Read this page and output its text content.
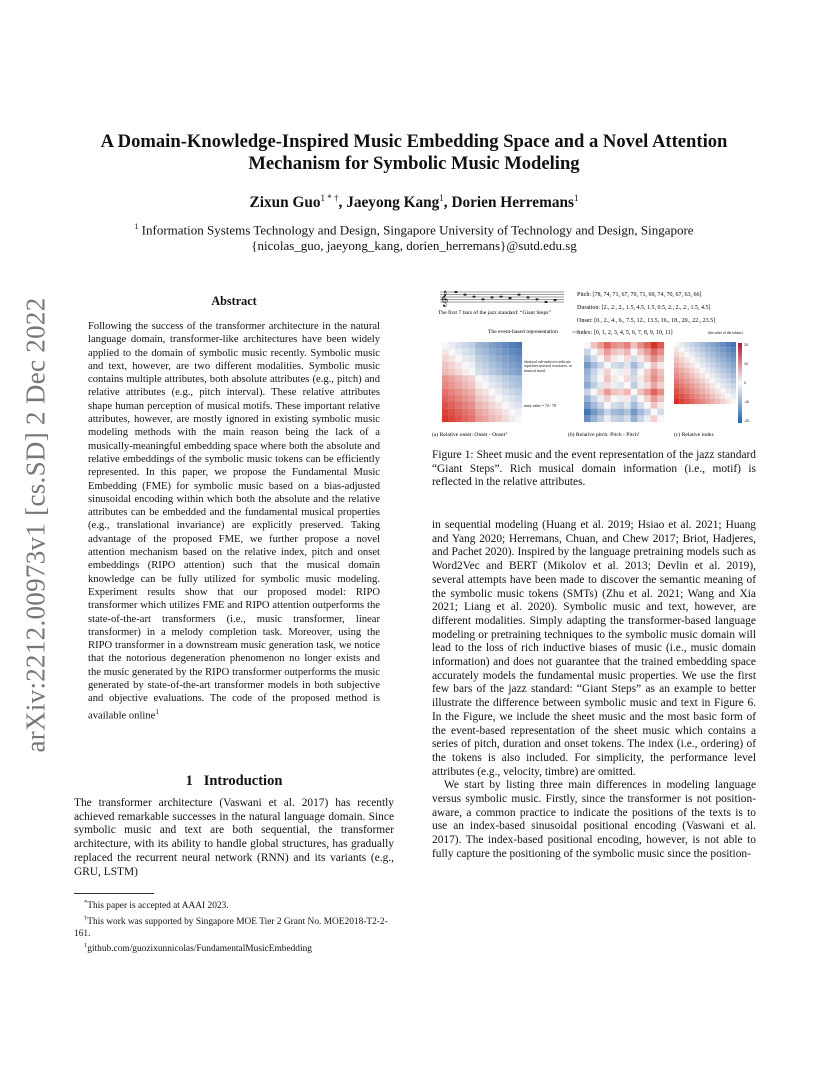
arXiv:2212.00973v1 [cs.SD] 2 Dec 2022
A Domain-Knowledge-Inspired Music Embedding Space and a Novel Attention Mechanism for Symbolic Music Modeling
Zixun Guo$^{1 * \dagger}$, Jaeyong Kang$^1$, Dorien Herremans$^1$
$^1$ Information Systems Technology and Design, Singapore University of Technology and Design, Singapore
{nicolas_guo, jaeyong_kang, dorien_herremans}@sutd.edu.sg
Abstract

Following the success of the transformer architecture in the natural language domain, transformer-like architectures have been widely applied to the domain of symbolic music recently. Symbolic music and text, however, are two different modalities. Symbolic music contains multiple attributes, both absolute attributes (e.g., pitch) and relative attributes (e.g., pitch interval). These relative attributes shape human perception of musical motifs. These important relative attributes, however, are mostly ignored in existing symbolic music modeling methods with the main reason being the lack of a musically-meaningful embedding space where both the absolute and relative embeddings of the symbolic music tokens can be efficiently represented. In this paper, we propose the Fundamental Music Embedding (FME) for symbolic music based on a bias-adjusted sinusoidal encoding within which both the absolute and the relative attributes can be embedded and the fundamental musical properties (e.g., translational invariance) are explicitly preserved. Taking advantage of the proposed FME, we further propose a novel attention mechanism based on the relative index, pitch and onset embeddings (RIPO attention) such that the musical domain knowledge can be fully utilized for symbolic music modeling. Experiment results show that our proposed model: RIPO transformer which utilizes FME and RIPO attention outperforms the state-of-the-art transformers (i.e., music transformer, linear transformer) in a melody completion task. Moreover, using the RIPO transformer in a downstream music generation task, we notice that the notorious degeneration phenomenon no longer exists and the music generated by the RIPO transformer outperforms the music generated by state-of-the-art transformer models in both subjective and objective evaluations. The code of the proposed method is available online$^1$

1 Introduction

The transformer architecture (Vaswani et al. 2017) has recently achieved remarkable successes in the natural language domain. Since symbolic music and text are both sequential, the transformer architecture, with its ability to handle global structures, has gradually replaced the recurrent neural network (RNN) and its variants (e.g., GRU, LSTM)

*This paper is accepted at AAAI 2023.

†This work was supported by Singapore MOE Tier 2 Grant No. MOE2018-T2-2-161.

$^1$github.com/guozixunnicolas/FundamentalMusicEmbedding

𝄞
The first 7 bars of the jazz standard: “Giant Steps”
The event-based representation
Pitch: [78, 74, 71, 67, 70, 71, 69, 74, 70, 67, 63, 66]
Duration: [2., 2., 2., 1.5, 4.5, 1.5, 0.5, 2., 2., 2., 1.5, 4.5]
Onset: [0., 2., 4., 6., 7.5, 12., 13.5, 16., 18., 20., 22., 23.5]
Index: [0, 1, 2, 3, 4, 5, 6, 7, 8, 9, 10, 11]	(the order of the tokens)
20
10
0
-10
-20
identical sub-matrices indicate repetitive musical structures, or musical motif.
entry value = 74 - 78
(a) Relative onset: Onset - Onsetᵀ	(b) Relative pitch: Pitch - Pitchᵀ	(c) Relative index

Figure 1: Sheet music and the event representation of the jazz standard “Giant Steps”. Rich musical domain information (i.e., motif) is reflected in the relative attributes.

in sequential modeling (Huang et al. 2019; Hsiao et al. 2021; Huang and Yang 2020; Herremans, Chuan, and Chew 2017; Briot, Hadjeres, and Pachet 2020). Inspired by the language pretraining models such as Word2Vec and BERT (Mikolov et al. 2013; Devlin et al. 2019), several attempts have been made to discover the semantic meaning of the symbolic music tokens (SMTs) (Zhu et al. 2021; Wang and Xia 2021; Liang et al. 2020). Symbolic music and text, however, are different modalities. Simply adapting the transformer-based language modeling or pretraining techniques to the symbolic music domain will lead to the loss of rich inductive biases of music (i.e., music domain information) and does not guarantee that the trained embedding space accurately models the fundamental music properties. We use the first few bars of the jazz standard: “Giant Steps” as an example to better illustrate the difference between symbolic music and text in Figure 6. In the Figure, we include the sheet music and the most basic form of the event-based representation of the sheet music which contains a series of pitch, duration and onset tokens. The index (i.e., ordering) of the tokens is also included. For simplicity, the performance level attributes (e.g., velocity, timbre) are omitted.

We start by listing three main differences in modeling language versus symbolic music. Firstly, since the transformer is not position-aware, a common practice to indicate the positions of the texts is to use an index-based sinusoidal positional encoding (Vaswani et al. 2017). The index-based positional encoding, however, is not able to fully capture the positioning of the symbolic music since the position-
